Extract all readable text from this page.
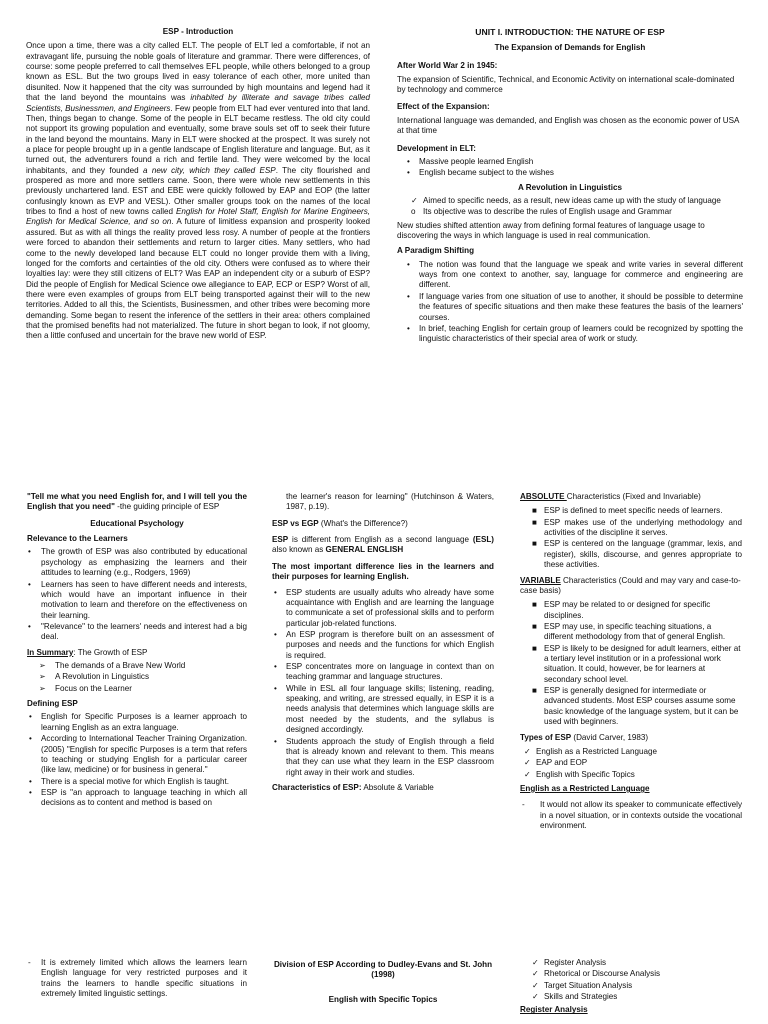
ESP - Introduction
Once upon a time, there was a city called ELT. The people of ELT led a comfortable, if not an extravagant life, pursuing the noble goals of literature and grammar. There were differences, of course: some people preferred to call themselves EFL people, while others belonged to a group known as ESL. But the two groups lived in easy tolerance of each other, more united than disunited. Now it happened that the city was surrounded by high mountains and legend had it that the land beyond the mountains was inhabited by illiterate and savage tribes called Scientists, Businessmen, and Engineers. Few people from ELT had ever ventured into that land. Then, things began to change. Some of the people in ELT became restless. The old city could not support its growing population and eventually, some brave souls set off to seek their future in the land beyond the mountains. Many in ELT were shocked at the prospect. It was surely not a place for people brought up in a gentle landscape of English literature and language. But, as it turned out, the adventurers found a rich and fertile land. They were welcomed by the local inhabitants, and they founded a new city, which they called ESP. The city flourished and prospered as more and more settlers came. Soon, there were whole new settlements in this previously unchartered land. EST and EBE were quickly followed by EAP and EOP (the latter confusingly known as EVP and VESL). Other smaller groups took on the names of the local tribes to find a host of new towns called English for Hotel Staff, English for Marine Engineers, English for Medical Science, and so on. A future of limitless expansion and prosperity looked assured. But as with all things the reality proved less rosy. A number of people at the frontiers were forced to abandon their settlements and return to larger cities. Many settlers, who had come to the newly developed land because ELT could no longer provide them with a living, longed for the comforts and certainties of the old city. Others were confused as to where their loyalties lay: were they still citizens of ELT? Was EAP an independent city or a suburb of ESP? Did the people of English for Medical Science owe allegiance to EAP, ECP or ESP? Worst of all, there were even examples of groups from ELT being transported against their will to the new territories. Added to all this, the Scientists, Businessmen, and other tribes were becoming more demanding. Some began to resent the inference of the settlers in their area: others complained that the promised benefits had not materialized. The future in short began to look, if not gloomy, then a little confused and uncertain for the brave new world of ESP.
UNIT I. INTRODUCTION: THE NATURE OF ESP
The Expansion of Demands for English
After World War 2 in 1945:

The expansion of Scientific, Technical, and Economic Activity on international scale-dominated by technology and commerce

Effect of the Expansion:

International language was demanded, and English was chosen as the economic power of USA at that time

Development in ELT:
• Massive people learned English
• English became subject to the wishes
A Revolution in Linguistics
✓ Aimed to specific needs, as a result, new ideas came up with the study of language
o Its objective was to describe the rules of English usage and Grammar

New studies shifted attention away from defining formal features of language usage to discovering the ways in which language is used in real communication.

A Paradigm Shifting
• The notion was found that the language we speak and write varies in several different ways from one context to another, say, language for commerce and engineering are different.
• If language varies from one situation of use to another, it should be possible to determine the features of specific situations and then make these features the basis of the learners' courses.
• In brief, teaching English for certain group of learners could be recognized by spotting the linguistic characteristics of their special area of work or study.

"Tell me what you need English for, and I will tell you the English that you need" -the guiding principle of ESP

Educational Psychology
Relevance to the Learners
• The growth of ESP was also contributed by educational psychology as emphasizing the learners and their attitudes to learning (e.g., Rodgers, 1969)
• Learners has seen to have different needs and interests, which would have an important influence in their motivation to learn and therefore on the effectiveness on their learning.
• "Relevance" to the learners' needs and interest had a big deal.

In Summary: The Growth of ESP

➢ The demands of a Brave New World
➢ A Revolution in Linguistics
➢ Focus on the Learner
Defining ESP
• English for Specific Purposes is a learner approach to learning English as an extra language.
• According to International Teacher Training Organization. (2005) "English for specific Purposes is a term that refers to teaching or studying English for a particular career (like law, medicine) or for business in general."
• There is a special motive for which English is taught.
• ESP is "an approach to language teaching in which all decisions as to content and method is based on

the learner's reason for learning" (Hutchinson & Waters, 1987, p.19).

ESP vs EGP (What's the Difference?)

ESP is different from English as a second language (ESL) also known as GENERAL ENGLISH

The most important difference lies in the learners and their purposes for learning English.

• ESP students are usually adults who already have some acquaintance with English and are learning the language to communicate a set of professional skills and to perform particular job-related functions.
• An ESP program is therefore built on an assessment of purposes and needs and the functions for which English is required.
• ESP concentrates more on language in context than on teaching grammar and language structures.
• While in ESL all four language skills; listening, reading, speaking, and writing, are stressed equally, in ESP it is a needs analysis that determines which language skills are most needed by the students, and the syllabus is designed accordingly.
• Students approach the study of English through a field that is already known and relevant to them. This means that they can use what they learn in the ESP classroom right away in their work and studies.

Characteristics of ESP: Absolute & Variable

ABSOLUTE Characteristics (Fixed and Invariable)

■ ESP is defined to meet specific needs of learners.
■ ESP makes use of the underlying methodology and activities of the discipline it serves.
■ ESP is centered on the language (grammar, lexis, and register), skills, discourse, and genres appropriate to these activities.

VARIABLE Characteristics (Could and may vary and case-to-case basis)

■ ESP may be related to or designed for specific disciplines.
■ ESP may use, in specific teaching situations, a different methodology from that of general English.
■ ESP is likely to be designed for adult learners, either at a tertiary level institution or in a professional work situation. It could, however, be for learners at secondary school level.
■ ESP is generally designed for intermediate or advanced students. Most ESP courses assume some basic knowledge of the language system, but it can be used with beginners.

Types of ESP (David Carver, 1983)

✓ English as a Restricted Language
✓ EAP and EOP
✓ English with Specific Topics
English as a Restricted Language
- It would not allow its speaker to communicate effectively in a novel situation, or in contexts outside the vocational environment.
- It is extremely limited which allows the learners learn English language for very restricted purposes and it trains the learners to handle specific situations in extremely limited linguistic settings.
Division of ESP According to Dudley-Evans and St. John (1998)
English with Specific Topics
✓ Register Analysis
✓ Rhetorical or Discourse Analysis
✓ Target Situation Analysis
✓ Skills and Strategies
Register Analysis
